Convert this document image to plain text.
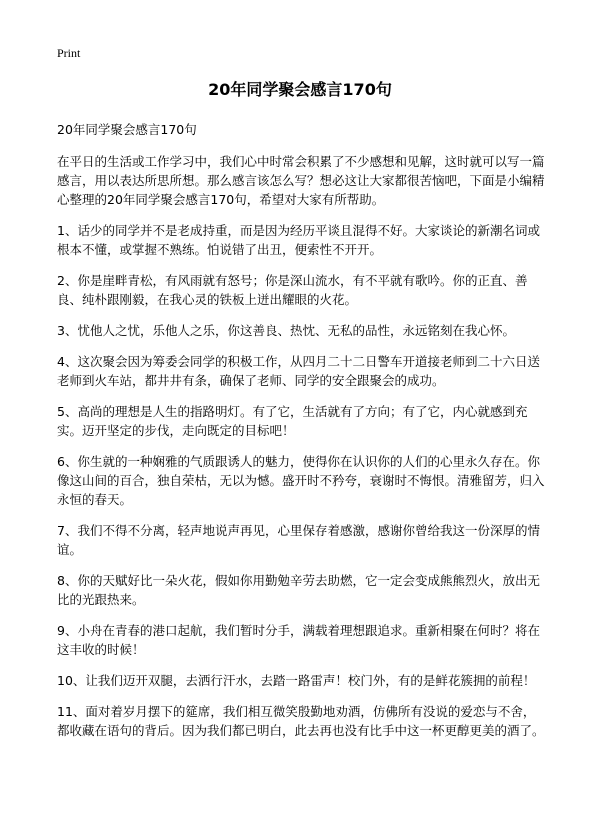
Print
20年同学聚会感言170句

20年同学聚会感言170句

在平日的生活或工作学习中，我们心中时常会积累了不少感想和见解，这时就可以写一篇感言，用以表达所思所想。那么感言该怎么写？想必这让大家都很苦恼吧，下面是小编精心整理的20年同学聚会感言170句，希望对大家有所帮助。

1、话少的同学并不是老成持重，而是因为经历平谈且混得不好。大家谈论的新潮名词或根本不懂，或掌握不熟练。怕说错了出丑，便索性不开开。

2、你是崖畔青松，有风雨就有怒号；你是深山流水，有不平就有歌吟。你的正直、善良、纯朴跟刚毅，在我心灵的铁板上迸出耀眼的火花。

3、忧他人之忧，乐他人之乐，你这善良、热忱、无私的品性，永远铭刻在我心怀。

4、这次聚会因为筹委会同学的积极工作，从四月二十二日警车开道接老师到二十六日送老师到火车站，都井井有条，确保了老师、同学的安全跟聚会的成功。

5、高尚的理想是人生的指路明灯。有了它，生活就有了方向；有了它，内心就感到充实。迈开坚定的步伐，走向既定的目标吧！

6、你生就的一种娴雅的气质跟诱人的魅力，使得你在认识你的人们的心里永久存在。你像这山间的百合，独自荣枯，无以为憾。盛开时不矜夸，衰谢时不悔恨。清雅留芳，归入永恒的春天。

7、我们不得不分离，轻声地说声再见，心里保存着感激，感谢你曾给我这一份深厚的情谊。

8、你的天赋好比一朵火花，假如你用勤勉辛劳去助燃，它一定会变成熊熊烈火，放出无比的光跟热来。

9、小舟在青春的港口起航，我们暂时分手，满载着理想跟追求。重新相聚在何时？将在这丰收的时候！

10、让我们迈开双腿，去洒行汗水，去踏一路雷声！校门外，有的是鲜花簇拥的前程！

11、面对着岁月摆下的筵席，我们相互微笑殷勤地劝酒，仿佛所有没说的爱恋与不舍，都收藏在语句的背后。因为我们都已明白，此去再也没有比手中这一杯更醇更美的酒了。
